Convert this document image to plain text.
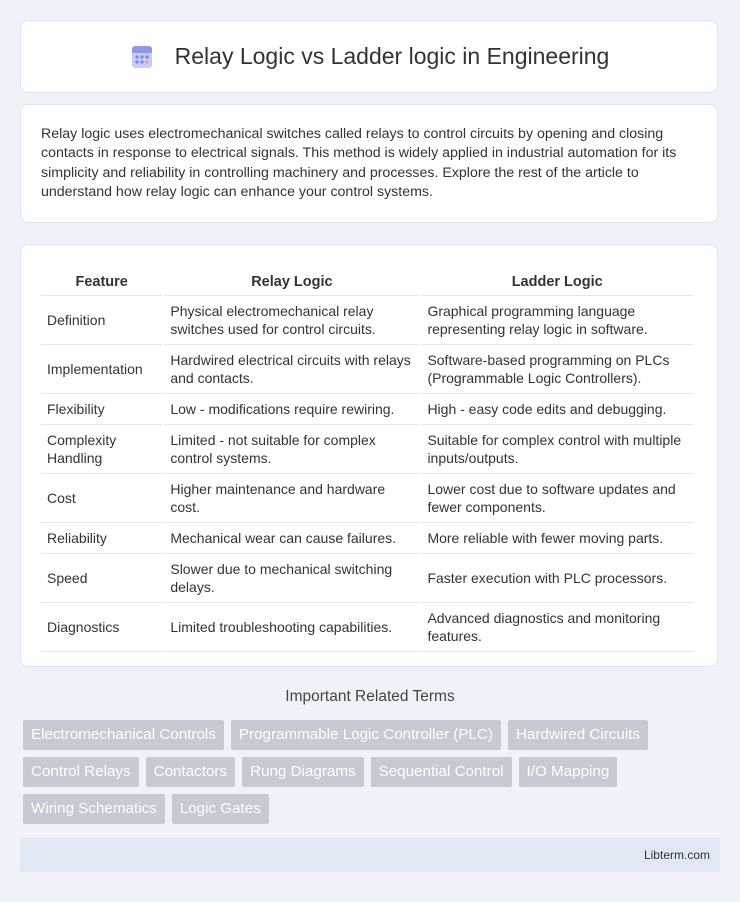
Relay Logic vs Ladder logic in Engineering

Relay logic uses electromechanical switches called relays to control circuits by opening and closing contacts in response to electrical signals. This method is widely applied in industrial automation for its simplicity and reliability in controlling machinery and processes. Explore the rest of the article to understand how relay logic can enhance your control systems.

Feature	Relay Logic	Ladder Logic
Definition	Physical electromechanical relay switches used for control circuits.	Graphical programming language representing relay logic in software.
Implementation	Hardwired electrical circuits with relays and contacts.	Software-based programming on PLCs (Programmable Logic Controllers).
Flexibility	Low - modifications require rewiring.	High - easy code edits and debugging.
Complexity Handling	Limited - not suitable for complex control systems.	Suitable for complex control with multiple inputs/outputs.
Cost	Higher maintenance and hardware cost.	Lower cost due to software updates and fewer components.
Reliability	Mechanical wear can cause failures.	More reliable with fewer moving parts.
Speed	Slower due to mechanical switching delays.	Faster execution with PLC processors.
Diagnostics	Limited troubleshooting capabilities.	Advanced diagnostics and monitoring features.
Important Related Terms
Electromechanical Controls	Programmable Logic Controller (PLC)	Hardwired Circuits
Control Relays	Contactors	Rung Diagrams	Sequential Control	I/O Mapping
Wiring Schematics	Logic Gates
Libterm.com
